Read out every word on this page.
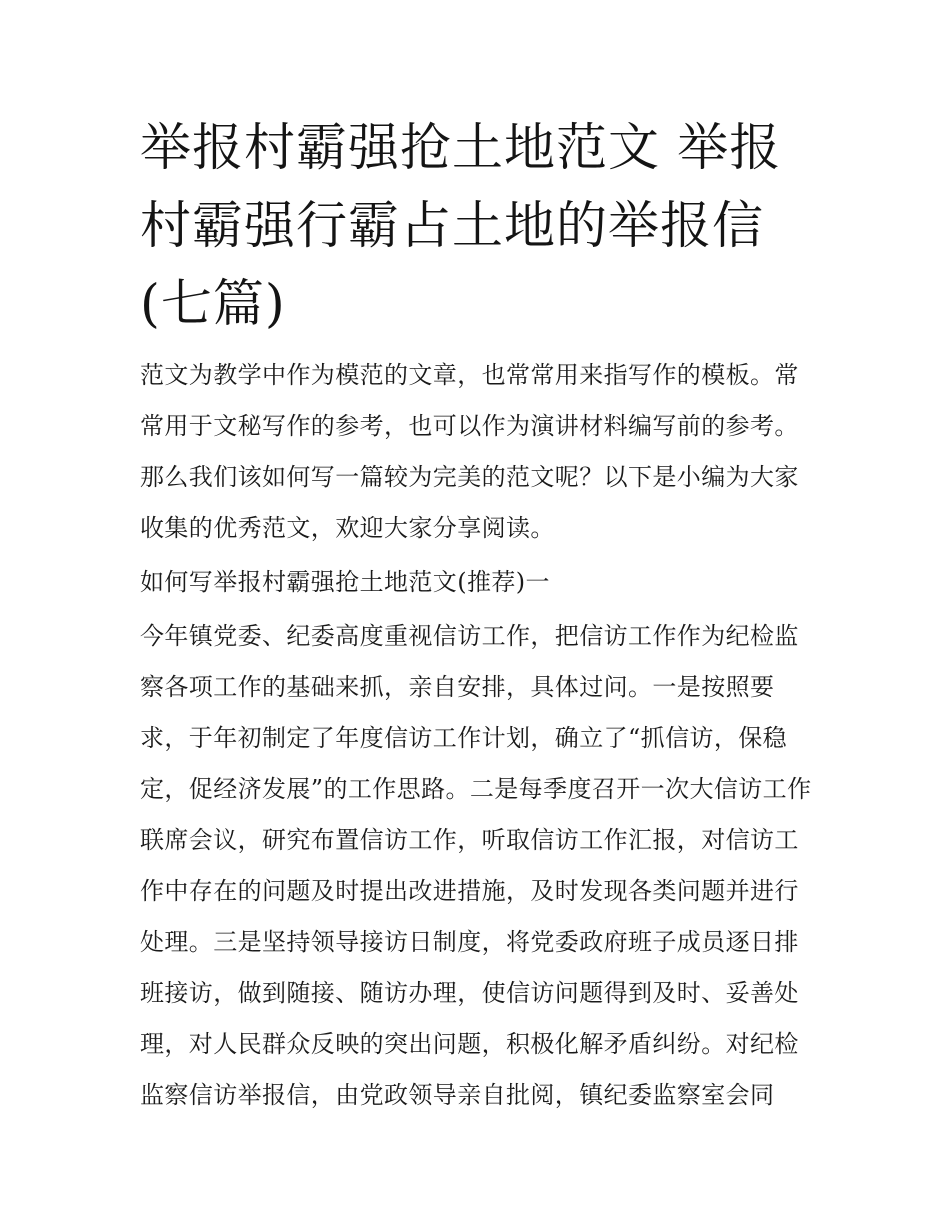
举报村霸强抢土地范文 举报村霸强行霸占土地的举报信(七篇)

范文为教学中作为模范的文章，也常常用来指写作的模板。常常用于文秘写作的参考，也可以作为演讲材料编写前的参考。那么我们该如何写一篇较为完美的范文呢？以下是小编为大家收集的优秀范文，欢迎大家分享阅读。

如何写举报村霸强抢土地范文(推荐)一

今年镇党委、纪委高度重视信访工作，把信访工作作为纪检监察各项工作的基础来抓，亲自安排，具体过问。一是按照要求，于年初制定了年度信访工作计划，确立了“抓信访，保稳定，促经济发展”的工作思路。二是每季度召开一次大信访工作联席会议，研究布置信访工作，听取信访工作汇报，对信访工作中存在的问题及时提出改进措施，及时发现各类问题并进行处理。三是坚持领导接访日制度，将党委政府班子成员逐日排班接访，做到随接、随访办理，使信访问题得到及时、妥善处理，对人民群众反映的突出问题，积极化解矛盾纠纷。对纪检监察信访举报信，由党政领导亲自批阅，镇纪委监察室会同
